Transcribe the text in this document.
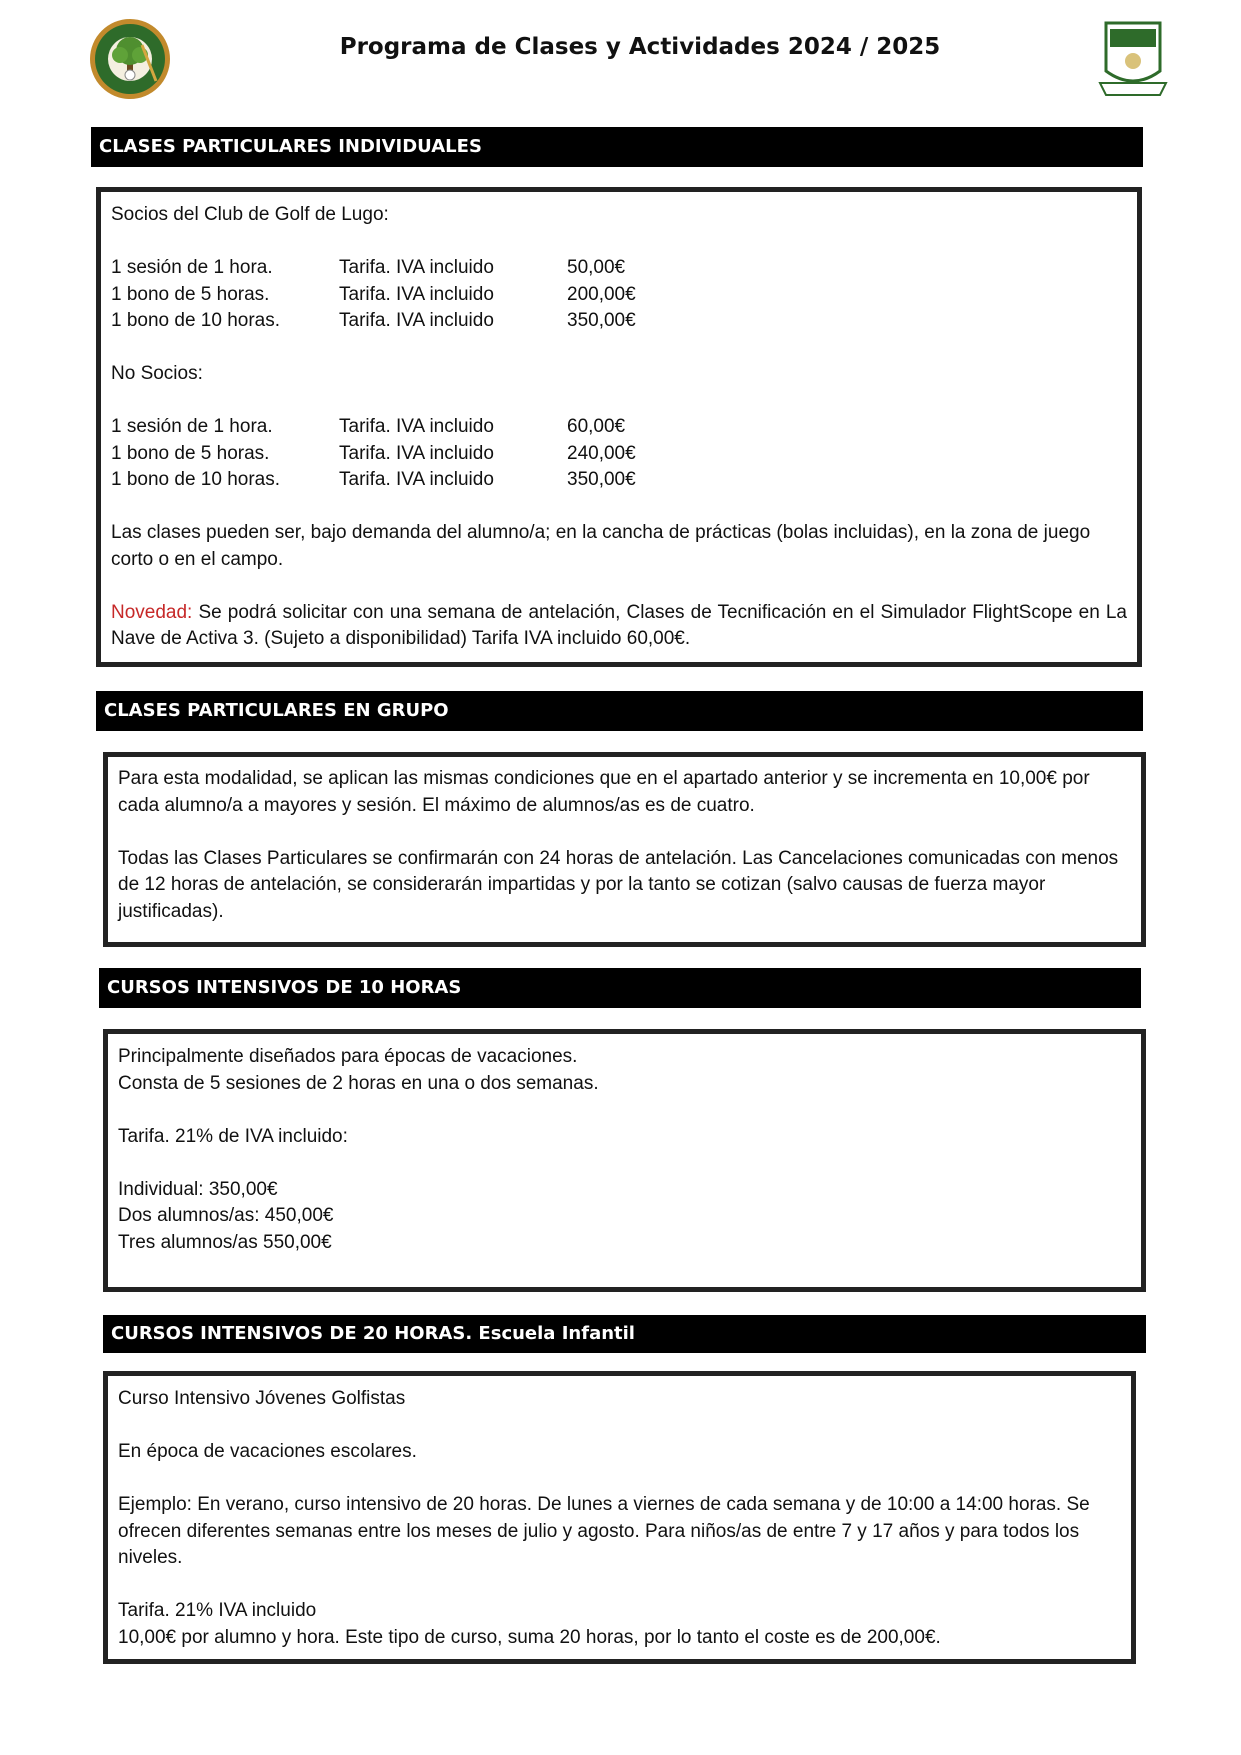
Programa de Clases y Actividades 2024 / 2025
CLASES PARTICULARES INDIVIDUALES

Socios del Club de Golf de Lugo:

1 sesión de 1 hora.	Tarifa. IVA incluido	50,00€
1 bono de 5 horas.	Tarifa. IVA incluido	200,00€
1 bono de 10 horas.	Tarifa. IVA incluido	350,00€

No Socios:

1 sesión de 1 hora.	Tarifa. IVA incluido	60,00€
1 bono de 5 horas.	Tarifa. IVA incluido	240,00€
1 bono de 10 horas.	Tarifa. IVA incluido	350,00€

Las clases pueden ser, bajo demanda del alumno/a; en la cancha de prácticas (bolas incluidas), en la zona de juego corto o en el campo.

Novedad: Se podrá solicitar con una semana de antelación, Clases de Tecnificación en el Simulador FlightScope en La Nave de Activa 3. (Sujeto a disponibilidad) Tarifa IVA incluido 60,00€.

CLASES PARTICULARES EN GRUPO

Para esta modalidad, se aplican las mismas condiciones que en el apartado anterior y se incrementa en 10,00€ por cada alumno/a a mayores y sesión. El máximo de alumnos/as es de cuatro.

Todas las Clases Particulares se confirmarán con 24 horas de antelación. Las Cancelaciones comunicadas con menos de 12 horas de antelación, se considerarán impartidas y por la tanto se cotizan (salvo causas de fuerza mayor justificadas).

CURSOS INTENSIVOS DE 10 HORAS

Principalmente diseñados para épocas de vacaciones.

Consta de 5 sesiones de 2 horas en una o dos semanas.

Tarifa. 21% de IVA incluido:

Individual: 350,00€

Dos alumnos/as: 450,00€

Tres alumnos/as 550,00€

CURSOS INTENSIVOS DE 20 HORAS. Escuela Infantil

Curso Intensivo Jóvenes Golfistas

En época de vacaciones escolares.

Ejemplo: En verano, curso intensivo de 20 horas. De lunes a viernes de cada semana y de 10:00 a 14:00 horas. Se ofrecen diferentes semanas entre los meses de julio y agosto. Para niños/as de entre 7 y 17 años y para todos los niveles.

Tarifa. 21% IVA incluido

10,00€ por alumno y hora. Este tipo de curso, suma 20 horas, por lo tanto el coste es de 200,00€.
